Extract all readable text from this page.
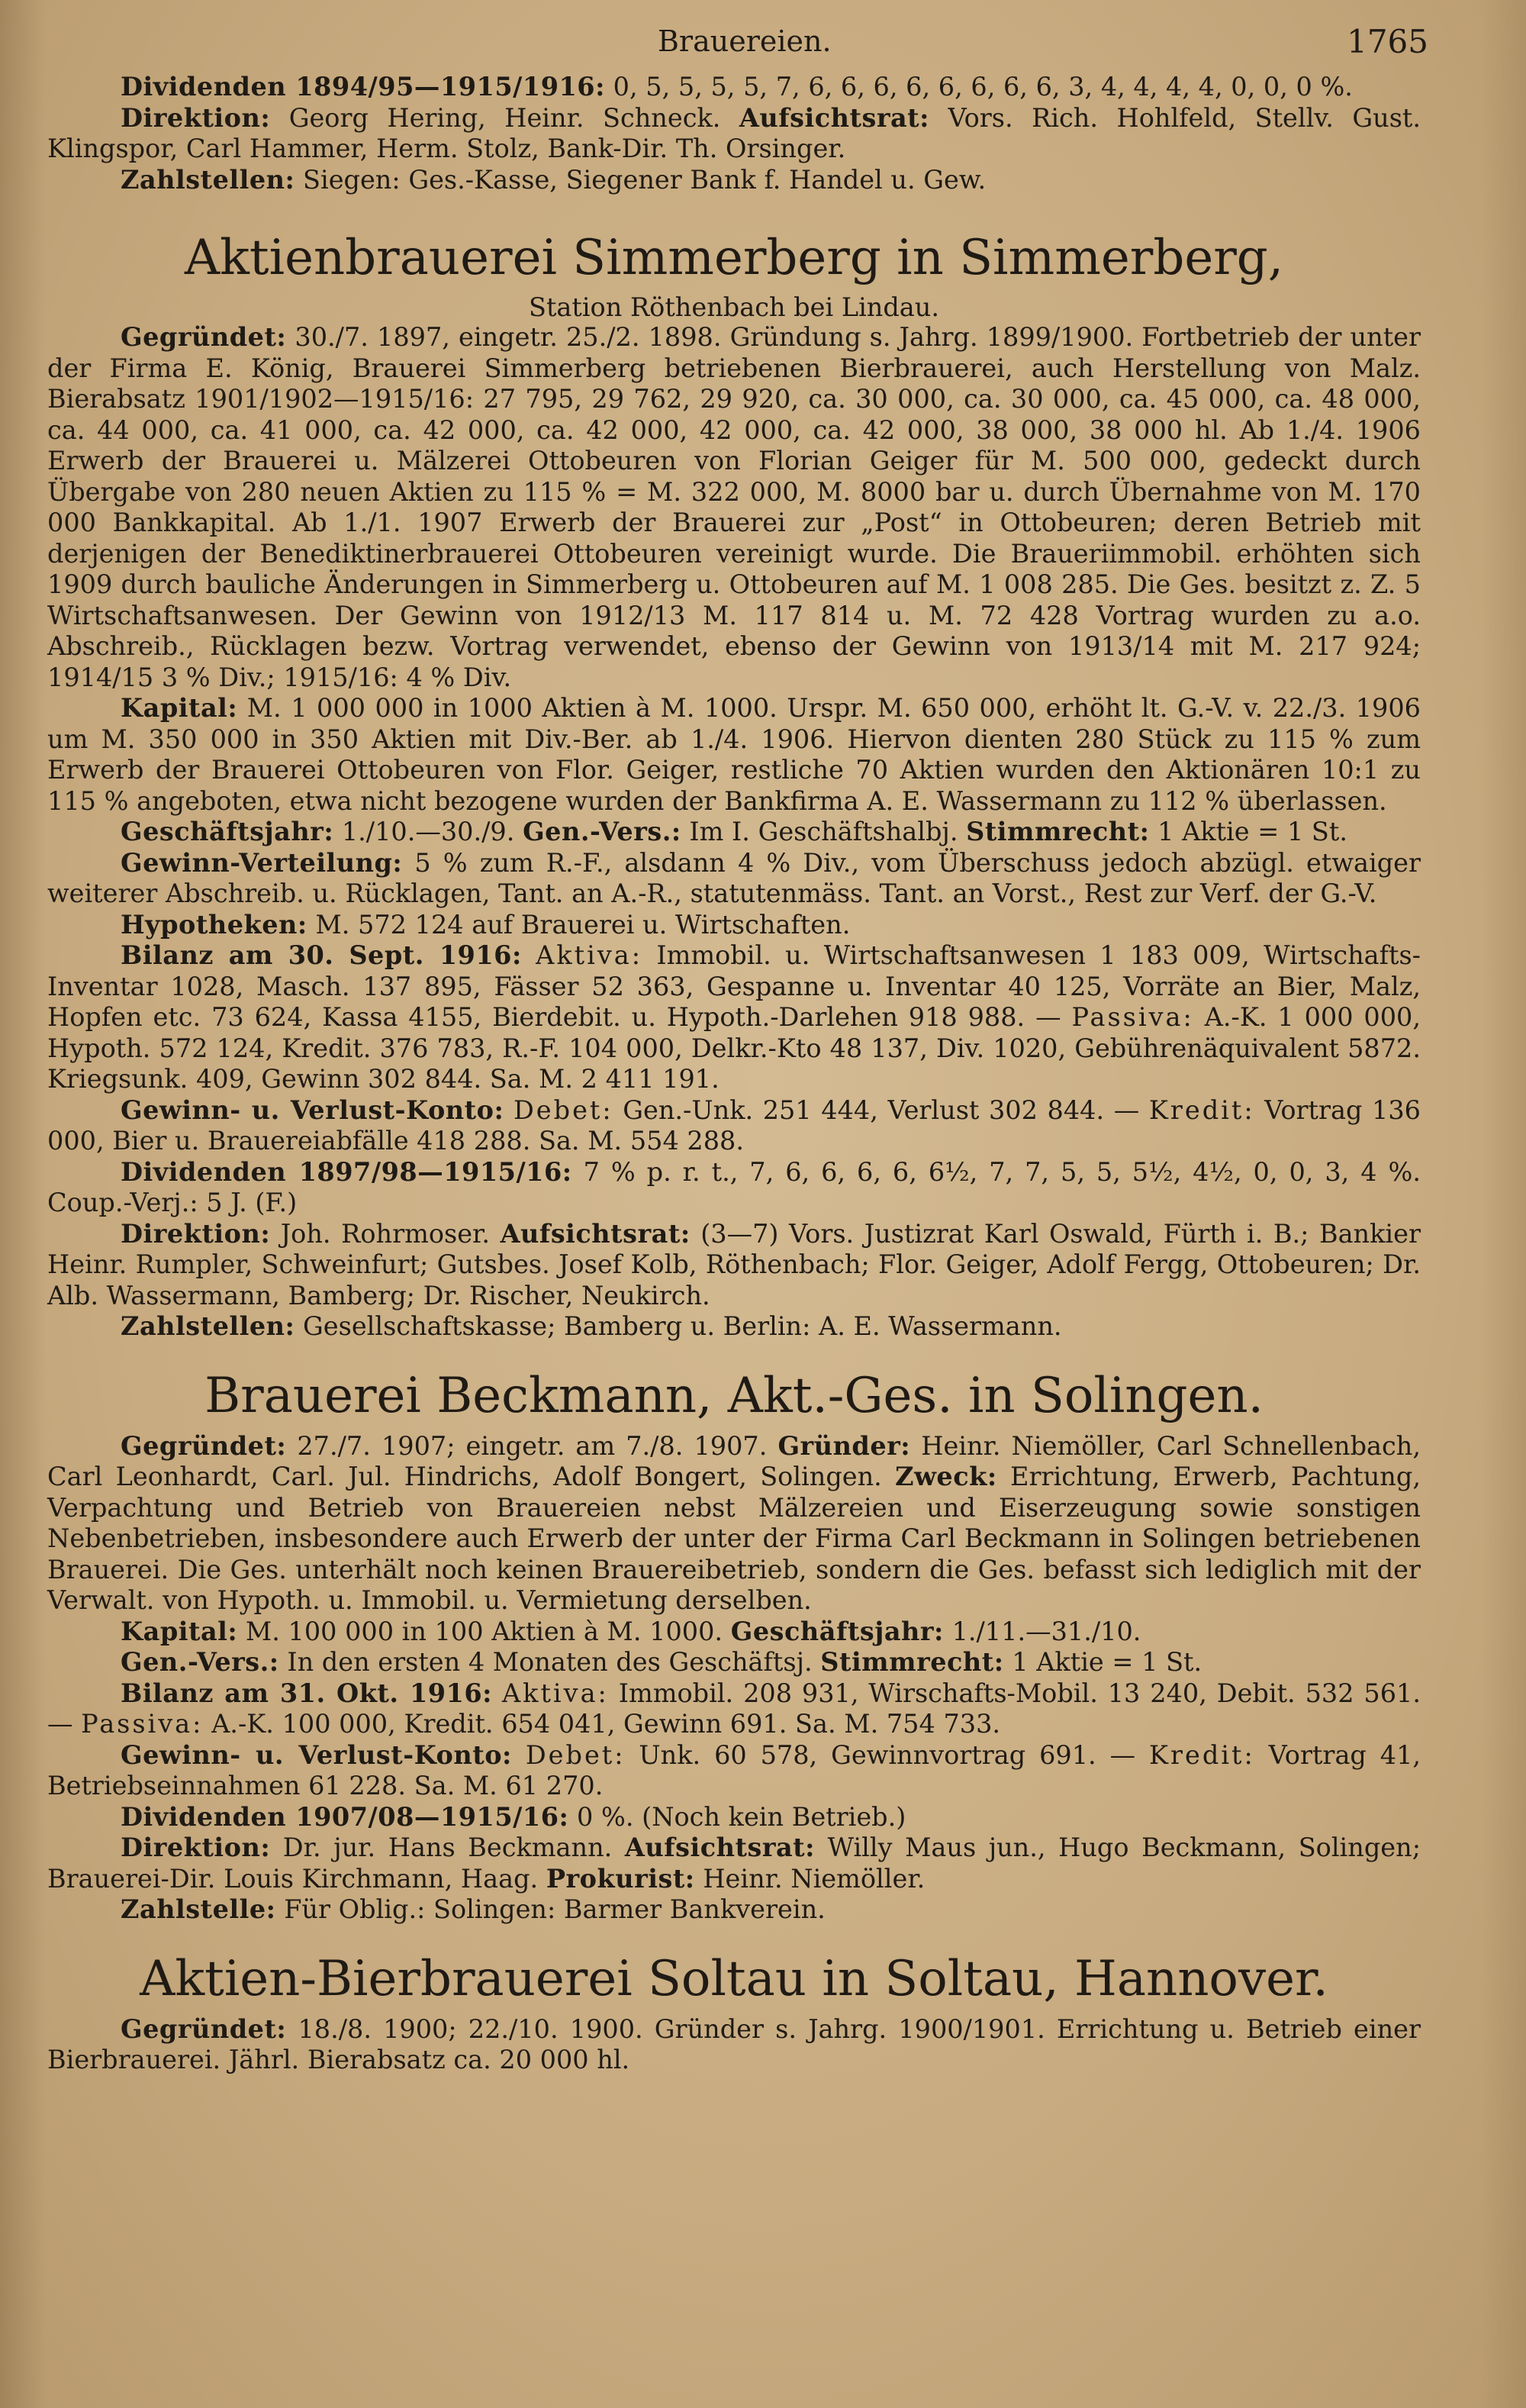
Brauereien.	1765

Dividenden 1894/95—1915/1916: 0, 5, 5, 5, 5, 7, 6, 6, 6, 6, 6, 6, 6, 6, 3, 4, 4, 4, 4, 0, 0, 0 %.

Direktion: Georg Hering, Heinr. Schneck. Aufsichtsrat: Vors. Rich. Hohlfeld, Stellv. Gust. Klingspor, Carl Hammer, Herm. Stolz, Bank-Dir. Th. Orsinger.

Zahlstellen: Siegen: Ges.-Kasse, Siegener Bank f. Handel u. Gew.

Aktienbrauerei Simmerberg in Simmerberg,
Station Röthenbach bei Lindau.

Gegründet: 30./7. 1897, eingetr. 25./2. 1898. Gründung s. Jahrg. 1899/1900. Fortbetrieb der unter der Firma E. König, Brauerei Simmerberg betriebenen Bierbrauerei, auch Herstellung von Malz. Bierabsatz 1901/1902—1915/16: 27 795, 29 762, 29 920, ca. 30 000, ca. 30 000, ca. 45 000, ca. 48 000, ca. 44 000, ca. 41 000, ca. 42 000, ca. 42 000, 42 000, ca. 42 000, 38 000, 38 000 hl. Ab 1./4. 1906 Erwerb der Brauerei u. Mälzerei Ottobeuren von Florian Geiger für M. 500 000, gedeckt durch Übergabe von 280 neuen Aktien zu 115 % = M. 322 000, M. 8000 bar u. durch Übernahme von M. 170 000 Bankkapital. Ab 1./1. 1907 Erwerb der Brauerei zur „Post“ in Ottobeuren; deren Betrieb mit derjenigen der Benediktinerbrauerei Ottobeuren vereinigt wurde. Die Braueriimmobil. erhöhten sich 1909 durch bauliche Änderungen in Simmerberg u. Ottobeuren auf M. 1 008 285. Die Ges. besitzt z. Z. 5 Wirtschaftsanwesen. Der Gewinn von 1912/13 M. 117 814 u. M. 72 428 Vortrag wurden zu a.o. Abschreib., Rücklagen bezw. Vortrag verwendet, ebenso der Gewinn von 1913/14 mit M. 217 924; 1914/15 3 % Div.; 1915/16: 4 % Div.

Kapital: M. 1 000 000 in 1000 Aktien à M. 1000. Urspr. M. 650 000, erhöht lt. G.-V. v. 22./3. 1906 um M. 350 000 in 350 Aktien mit Div.-Ber. ab 1./4. 1906. Hiervon dienten 280 Stück zu 115 % zum Erwerb der Brauerei Ottobeuren von Flor. Geiger, restliche 70 Aktien wurden den Aktionären 10:1 zu 115 % angeboten, etwa nicht bezogene wurden der Bankfirma A. E. Wassermann zu 112 % überlassen.

Geschäftsjahr: 1./10.—30./9. Gen.-Vers.: Im I. Geschäftshalbj. Stimmrecht: 1 Aktie = 1 St.

Gewinn-Verteilung: 5 % zum R.-F., alsdann 4 % Div., vom Überschuss jedoch abzügl. etwaiger weiterer Abschreib. u. Rücklagen, Tant. an A.-R., statutenmäss. Tant. an Vorst., Rest zur Verf. der G.-V.

Hypotheken: M. 572 124 auf Brauerei u. Wirtschaften.

Bilanz am 30. Sept. 1916: Aktiva: Immobil. u. Wirtschaftsanwesen 1 183 009, Wirtschafts-Inventar 1028, Masch. 137 895, Fässer 52 363, Gespanne u. Inventar 40 125, Vorräte an Bier, Malz, Hopfen etc. 73 624, Kassa 4155, Bierdebit. u. Hypoth.-Darlehen 918 988. — Passiva: A.-K. 1 000 000, Hypoth. 572 124, Kredit. 376 783, R.-F. 104 000, Delkr.-Kto 48 137, Div. 1020, Gebührenäquivalent 5872. Kriegsunk. 409, Gewinn 302 844. Sa. M. 2 411 191.

Gewinn- u. Verlust-Konto: Debet: Gen.-Unk. 251 444, Verlust 302 844. — Kredit: Vortrag 136 000, Bier u. Brauereiabfälle 418 288. Sa. M. 554 288.

Dividenden 1897/98—1915/16: 7 % p. r. t., 7, 6, 6, 6, 6, 6½, 7, 7, 5, 5, 5½, 4½, 0, 0, 3, 4 %. Coup.-Verj.: 5 J. (F.)

Direktion: Joh. Rohrmoser. Aufsichtsrat: (3—7) Vors. Justizrat Karl Oswald, Fürth i. B.; Bankier Heinr. Rumpler, Schweinfurt; Gutsbes. Josef Kolb, Röthenbach; Flor. Geiger, Adolf Fergg, Ottobeuren; Dr. Alb. Wassermann, Bamberg; Dr. Rischer, Neukirch.

Zahlstellen: Gesellschaftskasse; Bamberg u. Berlin: A. E. Wassermann.

Brauerei Beckmann, Akt.-Ges. in Solingen.

Gegründet: 27./7. 1907; eingetr. am 7./8. 1907. Gründer: Heinr. Niemöller, Carl Schnellenbach, Carl Leonhardt, Carl. Jul. Hindrichs, Adolf Bongert, Solingen. Zweck: Errichtung, Erwerb, Pachtung, Verpachtung und Betrieb von Brauereien nebst Mälzereien und Eiserzeugung sowie sonstigen Nebenbetrieben, insbesondere auch Erwerb der unter der Firma Carl Beckmann in Solingen betriebenen Brauerei. Die Ges. unterhält noch keinen Brauereibetrieb, sondern die Ges. befasst sich lediglich mit der Verwalt. von Hypoth. u. Immobil. u. Vermietung derselben.

Kapital: M. 100 000 in 100 Aktien à M. 1000. Geschäftsjahr: 1./11.—31./10.

Gen.-Vers.: In den ersten 4 Monaten des Geschäftsj. Stimmrecht: 1 Aktie = 1 St.

Bilanz am 31. Okt. 1916: Aktiva: Immobil. 208 931, Wirschafts-Mobil. 13 240, Debit. 532 561. — Passiva: A.-K. 100 000, Kredit. 654 041, Gewinn 691. Sa. M. 754 733.

Gewinn- u. Verlust-Konto: Debet: Unk. 60 578, Gewinnvortrag 691. — Kredit: Vortrag 41, Betriebseinnahmen 61 228. Sa. M. 61 270.

Dividenden 1907/08—1915/16: 0 %. (Noch kein Betrieb.)

Direktion: Dr. jur. Hans Beckmann. Aufsichtsrat: Willy Maus jun., Hugo Beckmann, Solingen; Brauerei-Dir. Louis Kirchmann, Haag. Prokurist: Heinr. Niemöller.

Zahlstelle: Für Oblig.: Solingen: Barmer Bankverein.

Aktien-Bierbrauerei Soltau in Soltau, Hannover.

Gegründet: 18./8. 1900; 22./10. 1900. Gründer s. Jahrg. 1900/1901. Errichtung u. Betrieb einer Bierbrauerei. Jährl. Bierabsatz ca. 20 000 hl.
